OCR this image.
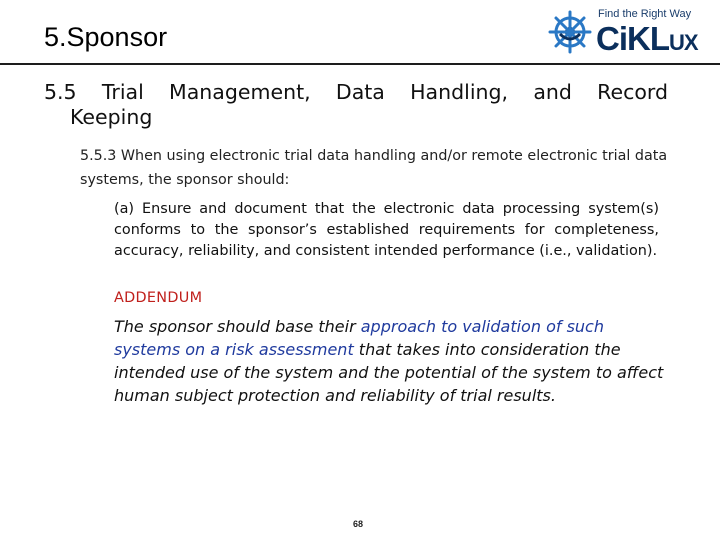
5.Sponsor
Find the Right Way
CiKLUX
5.5 Trial Management, Data Handling, and Record
Keeping
5.5.3 When using electronic trial data handling and/or remote electronic trial data systems, the sponsor should:
(a) Ensure and document that the electronic data processing system(s) conforms to the sponsor’s established requirements for completeness, accuracy, reliability, and consistent intended performance (i.e., validation).
ADDENDUM
The sponsor should base their approach to validation of such systems on a risk assessment that takes into consideration the intended use of the system and the potential of the system to affect human subject protection and reliability of trial results.
68
